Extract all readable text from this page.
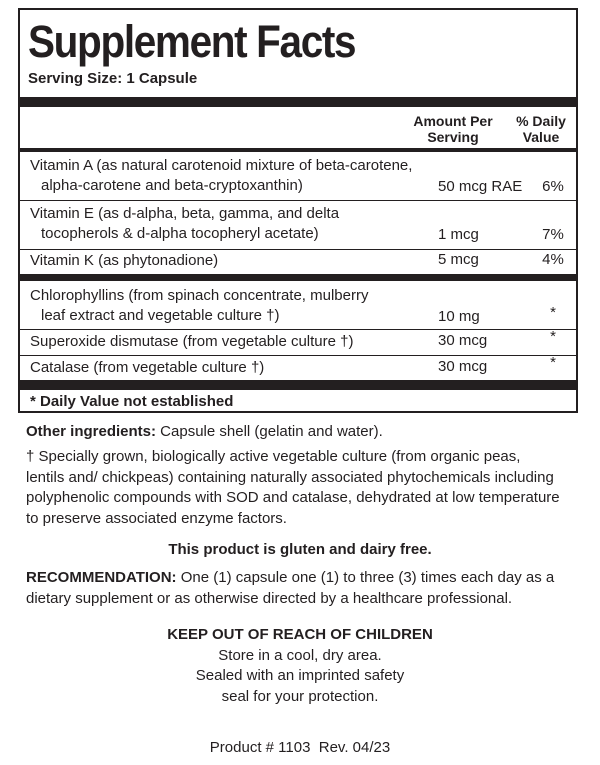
Supplement Facts
Serving Size: 1 Capsule
Amount Per
Serving
% Daily
Value
Vitamin A (as natural carotenoid mixture of beta-carotene,
alpha-carotene and beta-cryptoxanthin)	50 mcg RAE 6%
Vitamin E (as d-alpha, beta, gamma, and delta
tocopherols & d-alpha tocopheryl acetate)	1 mcg	7%
Vitamin K (as phytonadione)	5 mcg	4%
Chlorophyllins (from spinach concentrate, mulberry
leaf extract and vegetable culture †)	10 mg	*
Superoxide dismutase (from vegetable culture †)	30 mcg	*
Catalase (from vegetable culture †)	30 mcg	*
* Daily Value not established
Other ingredients: Capsule shell (gelatin and water).
† Specially grown, biologically active vegetable culture (from organic peas,
lentils and/ chickpeas) containing naturally associated phytochemicals including
polyphenolic compounds with SOD and catalase, dehydrated at low temperature
to preserve associated enzyme factors.
This product is gluten and dairy free.
RECOMMENDATION: One (1) capsule one (1) to three (3) times each day as a
dietary supplement or as otherwise directed by a healthcare professional.
KEEP OUT OF REACH OF CHILDREN
Store in a cool, dry area.
Sealed with an imprinted safety
seal for your protection.
Product # 1103  Rev. 04/23
